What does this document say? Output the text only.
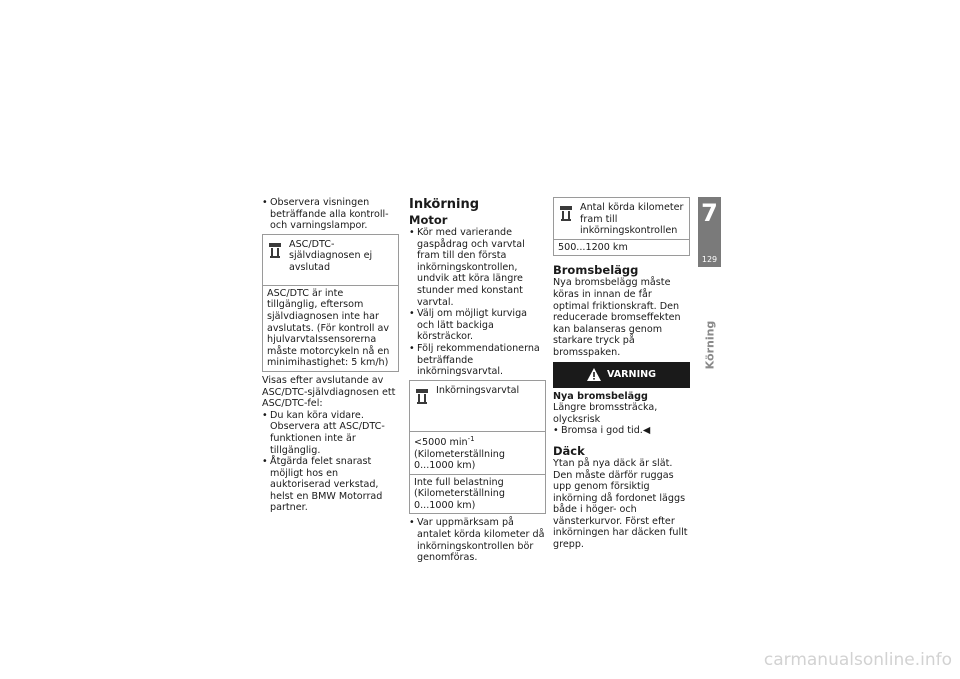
• Observera visningen beträffande alla kontroll- och varningslampor.

ASC/DTC-självdiagnosen ej avslutad
ASC/DTC är inte tillgänglig, eftersom självdiagnosen inte har avslutats. (För kontroll av hjulvarvtalssensorerna måste motorcykeln nå en minimihastighet: 5 km/h)

Visas efter avslutande av ASC/DTC-självdiagnosen ett ASC/DTC-fel:

• Du kan köra vidare. Observera att ASC/DTC-funktionen inte är tillgänglig.

• Åtgärda felet snarast möjligt hos en auktoriserad verkstad, helst en BMW Motorrad partner.

Inkörning
Motor

• Kör med varierande gaspådrag och varvtal fram till den första inkörningskontrollen, undvik att köra längre stunder med konstant varvtal.

• Välj om möjligt kurviga och lätt backiga körsträckor.

• Följ rekommendationerna beträffande inkörningsvarvtal.

Inkörningsvarvtal
<5000 $\min^{-1}$ (Kilometerställning 0...1000 km)
Inte full belastning (Kilometerställning 0...1000 km)

• Var uppmärksam på antalet körda kilometer då inkörningskontrollen bör genomföras.

Antal körda kilometer fram till inkörningskontrollen
500...1200 km
Bromsbelägg

Nya bromsbelägg måste köras in innan de får optimal friktionskraft. Den reducerade bromseffekten kan balanseras genom starkare tryck på bromsspaken.

VARNING

Nya bromsbelägg

Längre bromssträcka, olycksrisk

• Bromsa i god tid.◀

Däck

Ytan på nya däck är slät. Den måste därför ruggas upp genom försiktig inkörning då fordonet läggs både i höger- och vänsterkurvor. Först efter inkörningen har däcken fullt grepp.

7
129
Körning
carmanualsonline.info
